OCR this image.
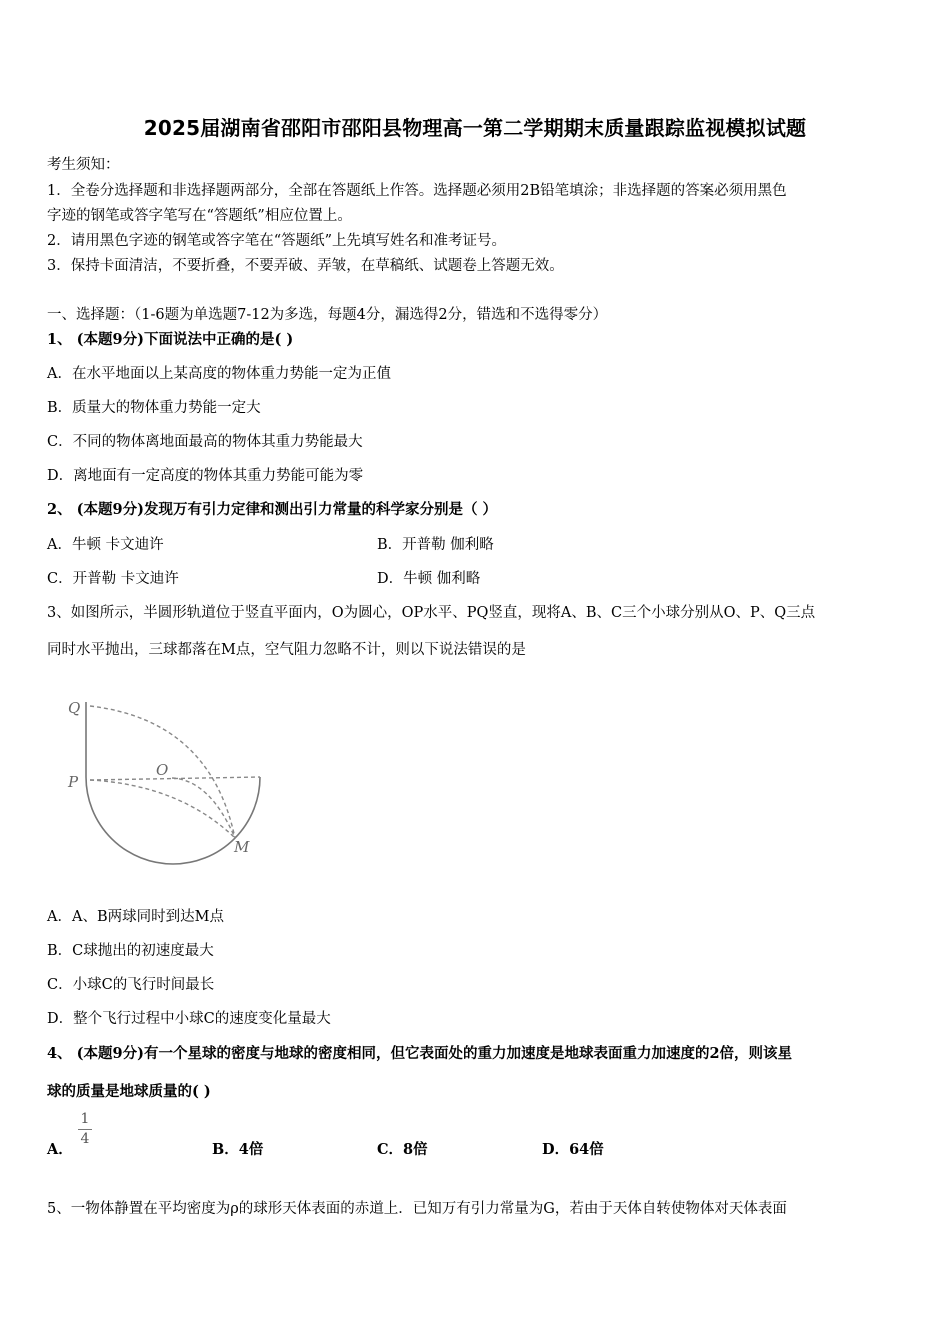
2025届湖南省邵阳市邵阳县物理高一第二学期期末质量跟踪监视模拟试题
考生须知：
1．全卷分选择题和非选择题两部分，全部在答题纸上作答。选择题必须用2B铅笔填涂；非选择题的答案必须用黑色
字迹的钢笔或答字笔写在“答题纸”相应位置上。
2．请用黑色字迹的钢笔或答字笔在“答题纸”上先填写姓名和准考证号。
3．保持卡面清洁，不要折叠，不要弄破、弄皱，在草稿纸、试题卷上答题无效。
一、选择题：（1-6题为单选题7-12为多选，每题4分，漏选得2分，错选和不选得零分）
1、 (本题9分)下面说法中正确的是( )
A．在水平地面以上某高度的物体重力势能一定为正值
B．质量大的物体重力势能一定大
C．不同的物体离地面最高的物体其重力势能最大
D．离地面有一定高度的物体其重力势能可能为零
2、 (本题9分)发现万有引力定律和测出引力常量的科学家分别是（ ）
A．牛顿 卡文迪许	B．开普勒 伽利略
C．开普勒 卡文迪许	D．牛顿 伽利略
3、如图所示，半圆形轨道位于竖直平面内，O为圆心，OP水平、PQ竖直，现将A、B、C三个小球分别从O、P、Q三点
同时水平抛出，三球都落在M点，空气阻力忽略不计，则以下说法错误的是
Q
P
O
M
A．A、B两球同时到达M点
B．C球抛出的初速度最大
C．小球C的飞行时间最长
D．整个飞行过程中小球C的速度变化量最大
4、 (本题9分)有一个星球的密度与地球的密度相同，但它表面处的重力加速度是地球表面重力加速度的2倍，则该星
球的质量是地球质量的( )
A．
$\frac{1}{4}$
B．4倍	C．8倍	D．64倍
5、一物体静置在平均密度为ρ的球形天体表面的赤道上．已知万有引力常量为G，若由于天体自转使物体对天体表面
